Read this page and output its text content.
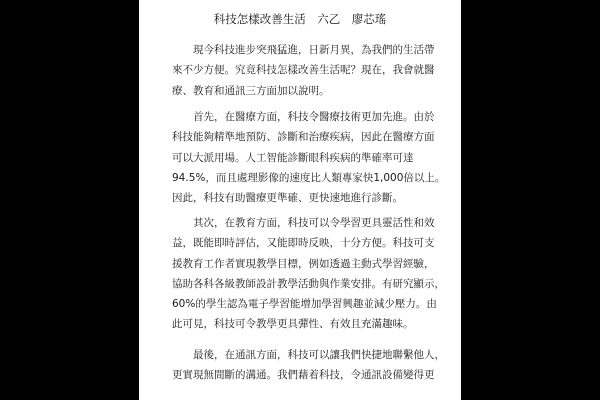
科技怎樣改善生活　六乙　廖芯瑤
現今科技進步突飛猛進，日新月異，為我們的生活帶
來不少方便。究竟科技怎樣改善生活呢？現在，我會就醫
療、教育和通訊三方面加以說明。
首先，在醫療方面，科技令醫療技術更加先進。由於
科技能夠精準地預防、診斷和治療疾病，因此在醫療方面
可以大派用場。人工智能診斷眼科疾病的準確率可達
94.5%，而且處理影像的速度比人類專家快1,000倍以上。
因此，科技有助醫療更準確、更快速地進行診斷。
其次，在教育方面，科技可以令學習更具靈活性和效
益，既能即時評估，又能即時反映，十分方便。科技可支
援教育工作者實現教學目標，例如透過主動式學習經驗，
協助各科各級教師設計教學活動與作業安排。有研究顯示，
60%的學生認為電子學習能增加學習興趣並減少壓力。由
此可見，科技可令教學更具彈性、有效且充滿趣味。
最後，在通訊方面，科技可以讓我們快捷地聯繫他人，
更實現無間斷的溝通。我們藉着科技，令通訊設備變得更
